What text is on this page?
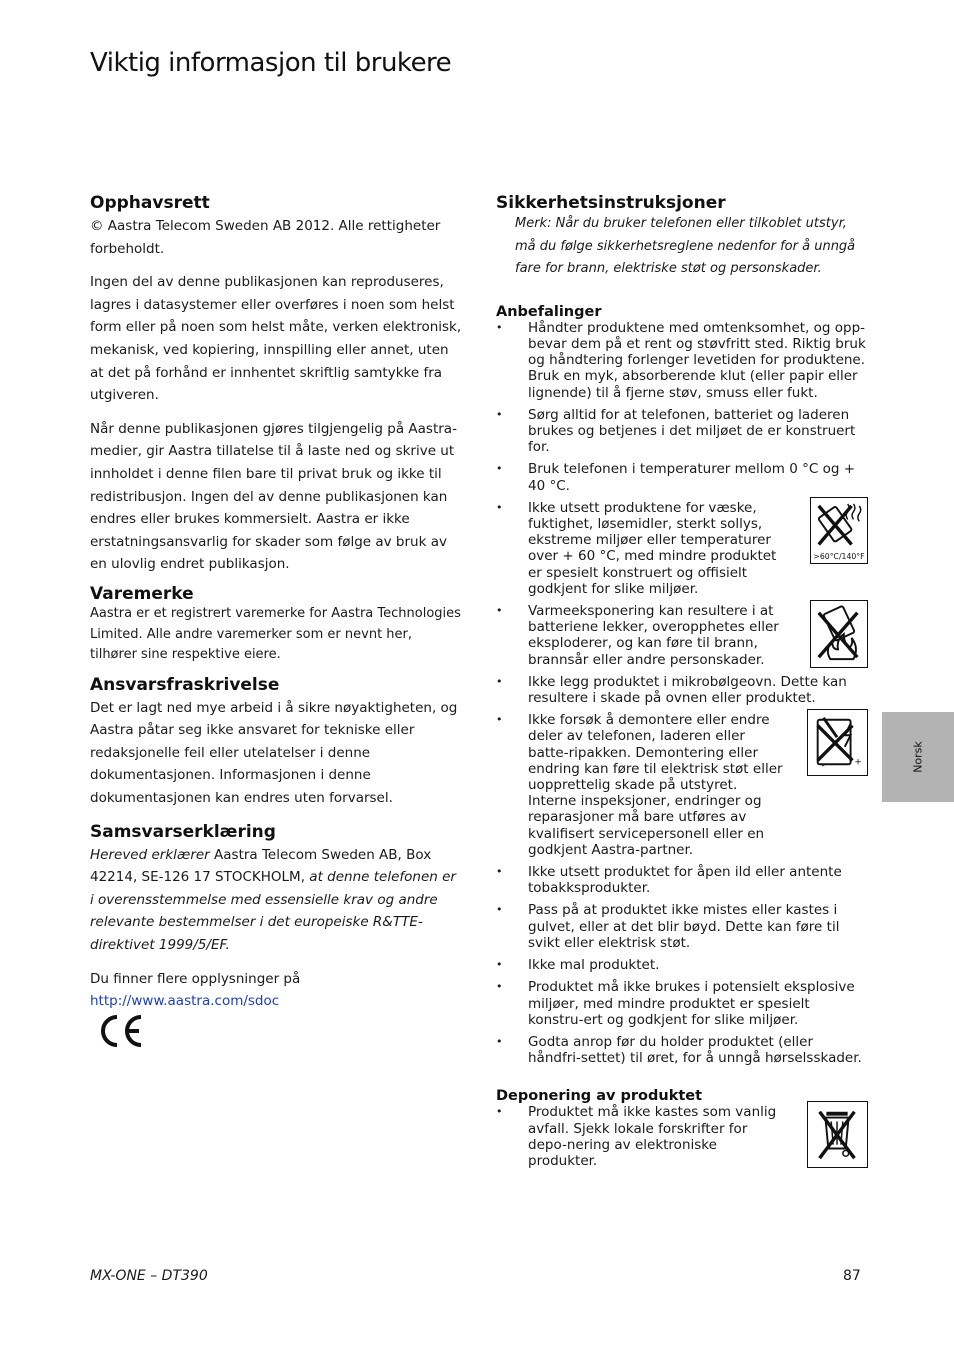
Viktig informasjon til brukere
Opphavsrett

© Aastra Telecom Sweden AB 2012. Alle rettigheter forbeholdt.

Ingen del av denne publikasjonen kan reproduseres, lagres i datasystemer eller overføres i noen som helst form eller på noen som helst måte, verken elektronisk, mekanisk, ved kopiering, innspilling eller annet, uten at det på forhånd er innhentet skriftlig samtykke fra utgiveren.

Når denne publikasjonen gjøres tilgjengelig på Aastra-medier, gir Aastra tillatelse til å laste ned og skrive ut innholdet i denne filen bare til privat bruk og ikke til redistribusjon. Ingen del av denne publikasjonen kan endres eller brukes kommersielt. Aastra er ikke erstatningsansvarlig for skader som følge av bruk av en ulovlig endret publikasjon.

Varemerke

Aastra er et registrert varemerke for Aastra Technologies Limited. Alle andre varemerker som er nevnt her, tilhører sine respektive eiere.

Ansvarsfraskrivelse

Det er lagt ned mye arbeid i å sikre nøyaktigheten, og Aastra påtar seg ikke ansvaret for tekniske eller redaksjonelle feil eller utelatelser i denne dokumentasjonen. Informasjonen i denne dokumentasjonen kan endres uten forvarsel.

Samsvarserklæring

Hereved erklærer Aastra Telecom Sweden AB, Box 42214, SE-126 17 STOCKHOLM, at denne telefonen er i overensstemmelse med essensielle krav og andre relevante bestemmelser i det europeiske R&TTE-direktivet 1999/5/EF.

Du finner flere opplysninger på

http://www.aastra.com/sdoc

Sikkerhetsinstruksjoner

Merk: Når du bruker telefonen eller tilkoblet utstyr, må du følge sikkerhetsreglene nedenfor for å unngå fare for brann, elektriske støt og personskader.

Anbefalinger
• Håndter produktene med omtenksomhet, og opp-bevar dem på et rent og støvfritt sted. Riktig bruk og håndtering forlenger levetiden for produktene. Bruk en myk, absorberende klut (eller papir eller lignende) til å fjerne støv, smuss eller fukt.
• Sørg alltid for at telefonen, batteriet og laderen brukes og betjenes i det miljøet de er konstruert for.
• Bruk telefonen i temperaturer mellom 0 °C og + 40 °C.
• Ikke utsett produktene for væske, fuktighet, løsemidler, sterkt sollys, ekstreme miljøer eller temperaturer over + 60 °C, med mindre produktet er spesielt konstruert og offisielt godkjent for slike miljøer.
>60°C/140°F
• Varmeeksponering kan resultere i at batteriene lekker, overopphetes eller eksploderer, og kan føre til brann, brannsår eller andre personskader.
• Ikke legg produktet i mikrobølgeovn. Dette kan resultere i skade på ovnen eller produktet.
• Ikke forsøk å demontere eller endre deler av telefonen, laderen eller batte-ripakken. Demontering eller endring kan føre til elektrisk støt eller uopprettelig skade på utstyret. Interne inspeksjoner, endringer og reparasjoner må bare utføres av kvalifisert servicepersonell eller en godkjent Aastra-partner.
+
-
• Ikke utsett produktet for åpen ild eller antente tobakksprodukter.
• Pass på at produktet ikke mistes eller kastes i gulvet, eller at det blir bøyd. Dette kan føre til svikt eller elektrisk støt.
• Ikke mal produktet.
• Produktet må ikke brukes i potensielt eksplosive miljøer, med mindre produktet er spesielt konstru-ert og godkjent for slike miljøer.
• Godta anrop før du holder produktet (eller håndfri-settet) til øret, for å unngå hørselsskader.
Deponering av produktet
• Produktet må ikke kastes som vanlig avfall. Sjekk lokale forskrifter for depo-nering av elektroniske produkter.
Norsk
MX-ONE – DT390	87
